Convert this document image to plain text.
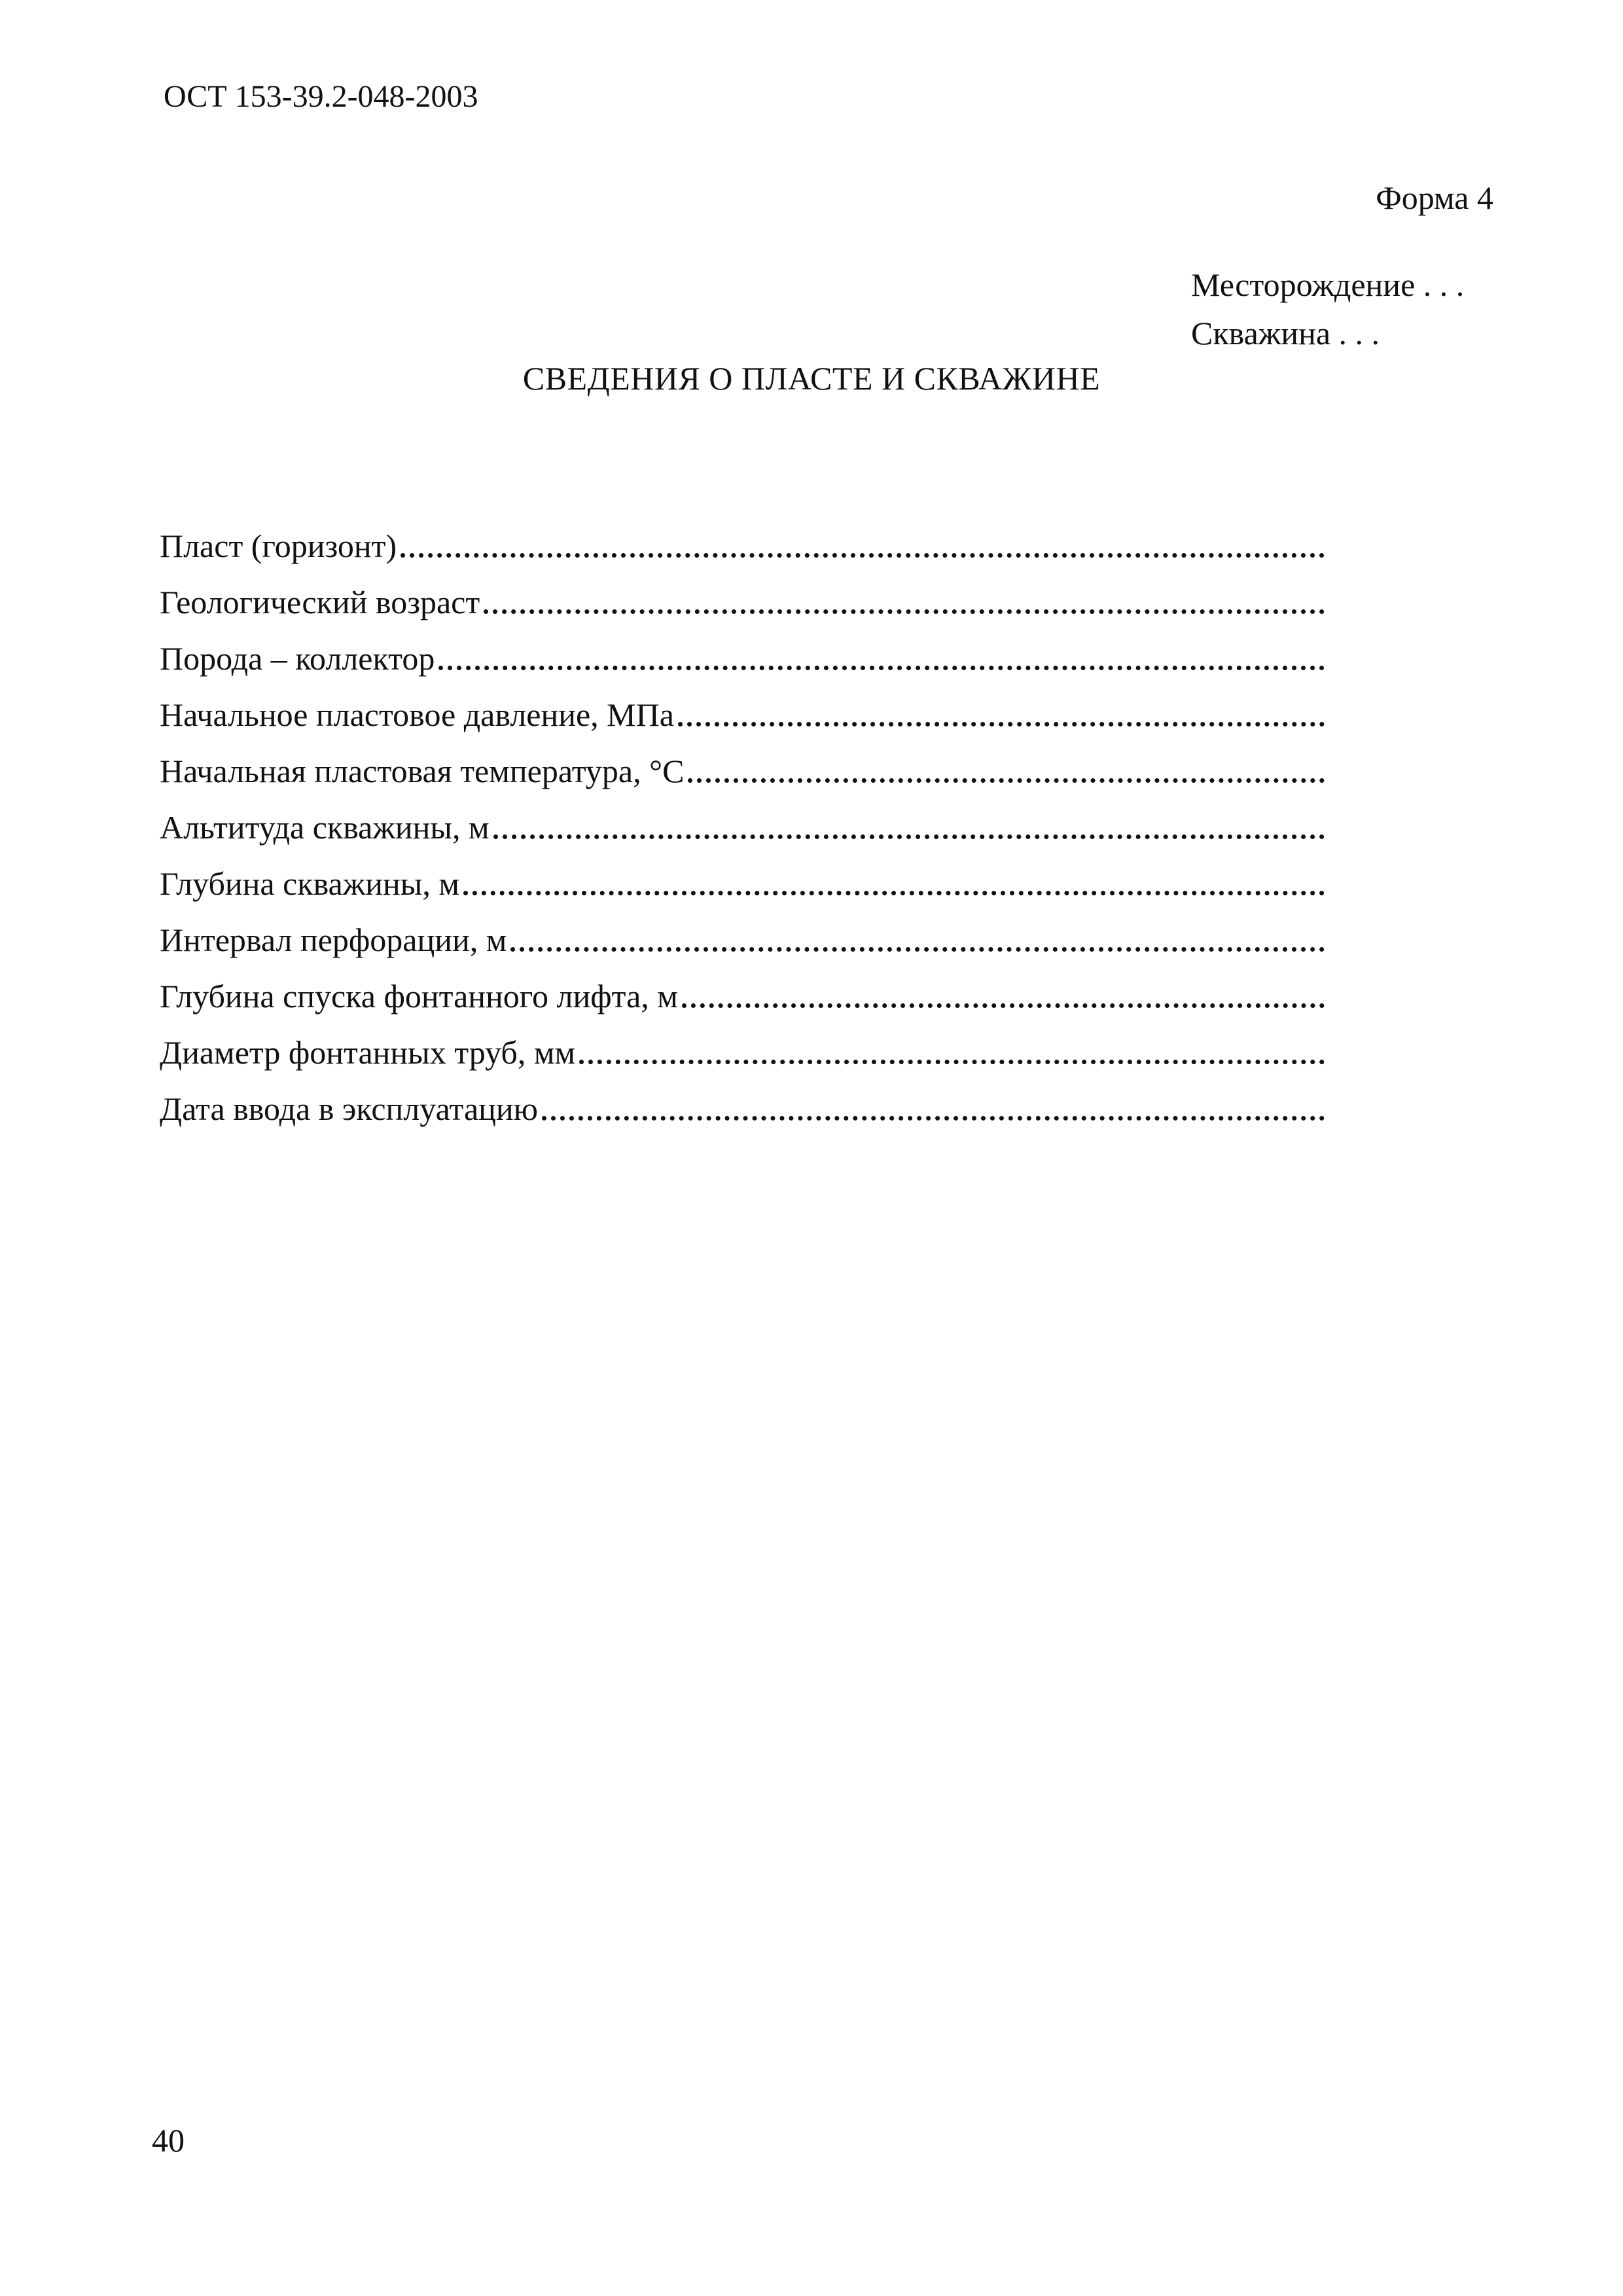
ОСТ 153-39.2-048-2003
Форма 4
Месторождение . . .
Скважина . . .
СВЕДЕНИЯ О ПЛАСТЕ И СКВАЖИНЕ
Пласт (горизонт)
Геологический возраст
Порода – коллектор
Начальное пластовое давление, МПа
Начальная пластовая температура, °С
Альтитуда скважины, м
Глубина скважины, м
Интервал перфорации, м
Глубина спуска фонтанного лифта, м
Диаметр фонтанных труб, мм
Дата ввода в эксплуатацию
40
